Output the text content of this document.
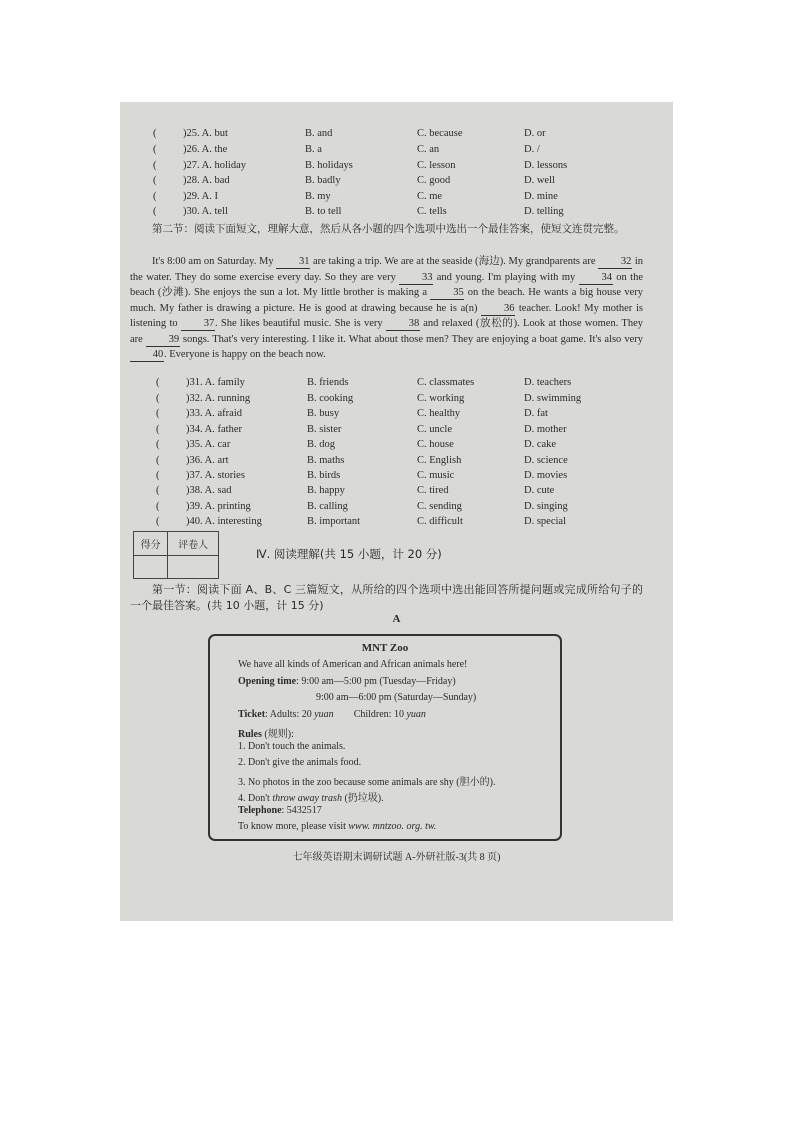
(	)25. A. but	B. and	C. because	D. or
(	)26. A. the	B. a	C. an	D. /
(	)27. A. holiday	B. holidays	C. lesson	D. lessons
(	)28. A. bad	B. badly	C. good	D. well
(	)29. A. I	B. my	C. me	D. mine
(	)30. A. tell	B. to tell	C. tells	D. telling
第二节：阅读下面短文，理解大意，然后从各小题的四个选项中选出一个最佳答案，使短文连贯完整。
It's 8:00 am on Saturday. My 31 are taking a trip. We are at the seaside (海边). My grandparents are 32 in the water. They do some exercise every day. So they are very 33 and young. I'm playing with my 34 on the beach (沙滩). She enjoys the sun a lot. My little brother is making a 35 on the beach. He wants a big house very much. My father is drawing a picture. He is good at drawing because he is a(n) 36 teacher. Look! My mother is listening to 37. She likes beautiful music. She is very 38 and relaxed (放松的). Look at those women. They are 39 songs. That's very interesting. I like it. What about those men? They are enjoying a boat game. It's also very 40. Everyone is happy on the beach now.
(	)31. A. family	B. friends	C. classmates	D. teachers
(	)32. A. running	B. cooking	C. working	D. swimming
(	)33. A. afraid	B. busy	C. healthy	D. fat
(	)34. A. father	B. sister	C. uncle	D. mother
(	)35. A. car	B. dog	C. house	D. cake
(	)36. A. art	B. maths	C. English	D. science
(	)37. A. stories	B. birds	C. music	D. movies
(	)38. A. sad	B. happy	C. tired	D. cute
(	)39. A. printing	B. calling	C. sending	D. singing
(	)40. A. interesting	B. important	C. difficult	D. special
得分	评卷人

Ⅳ. 阅读理解(共 15 小题，计 20 分)
第一节：阅读下面 A、B、C 三篇短文，从所给的四个选项中选出能回答所提问题或完成所给句子的一个最佳答案。(共 10 小题，计 15 分)
A
MNT Zoo
We have all kinds of American and African animals here!
Opening time: 9:00 am—5:00 pm (Tuesday—Friday)
9:00 am—6:00 pm (Saturday—Sunday)
Ticket: Adults: 20 yuan Children: 10 yuan
Rules (规则):
1. Don't touch the animals.
2. Don't give the animals food.
3. No photos in the zoo because some animals are shy (胆小的).
4. Don't throw away trash (扔垃圾).
Telephone: 5432517
To know more, please visit www. mntzoo. org. tw.
七年级英语期末调研试题 A-外研社版-3(共 8 页)
